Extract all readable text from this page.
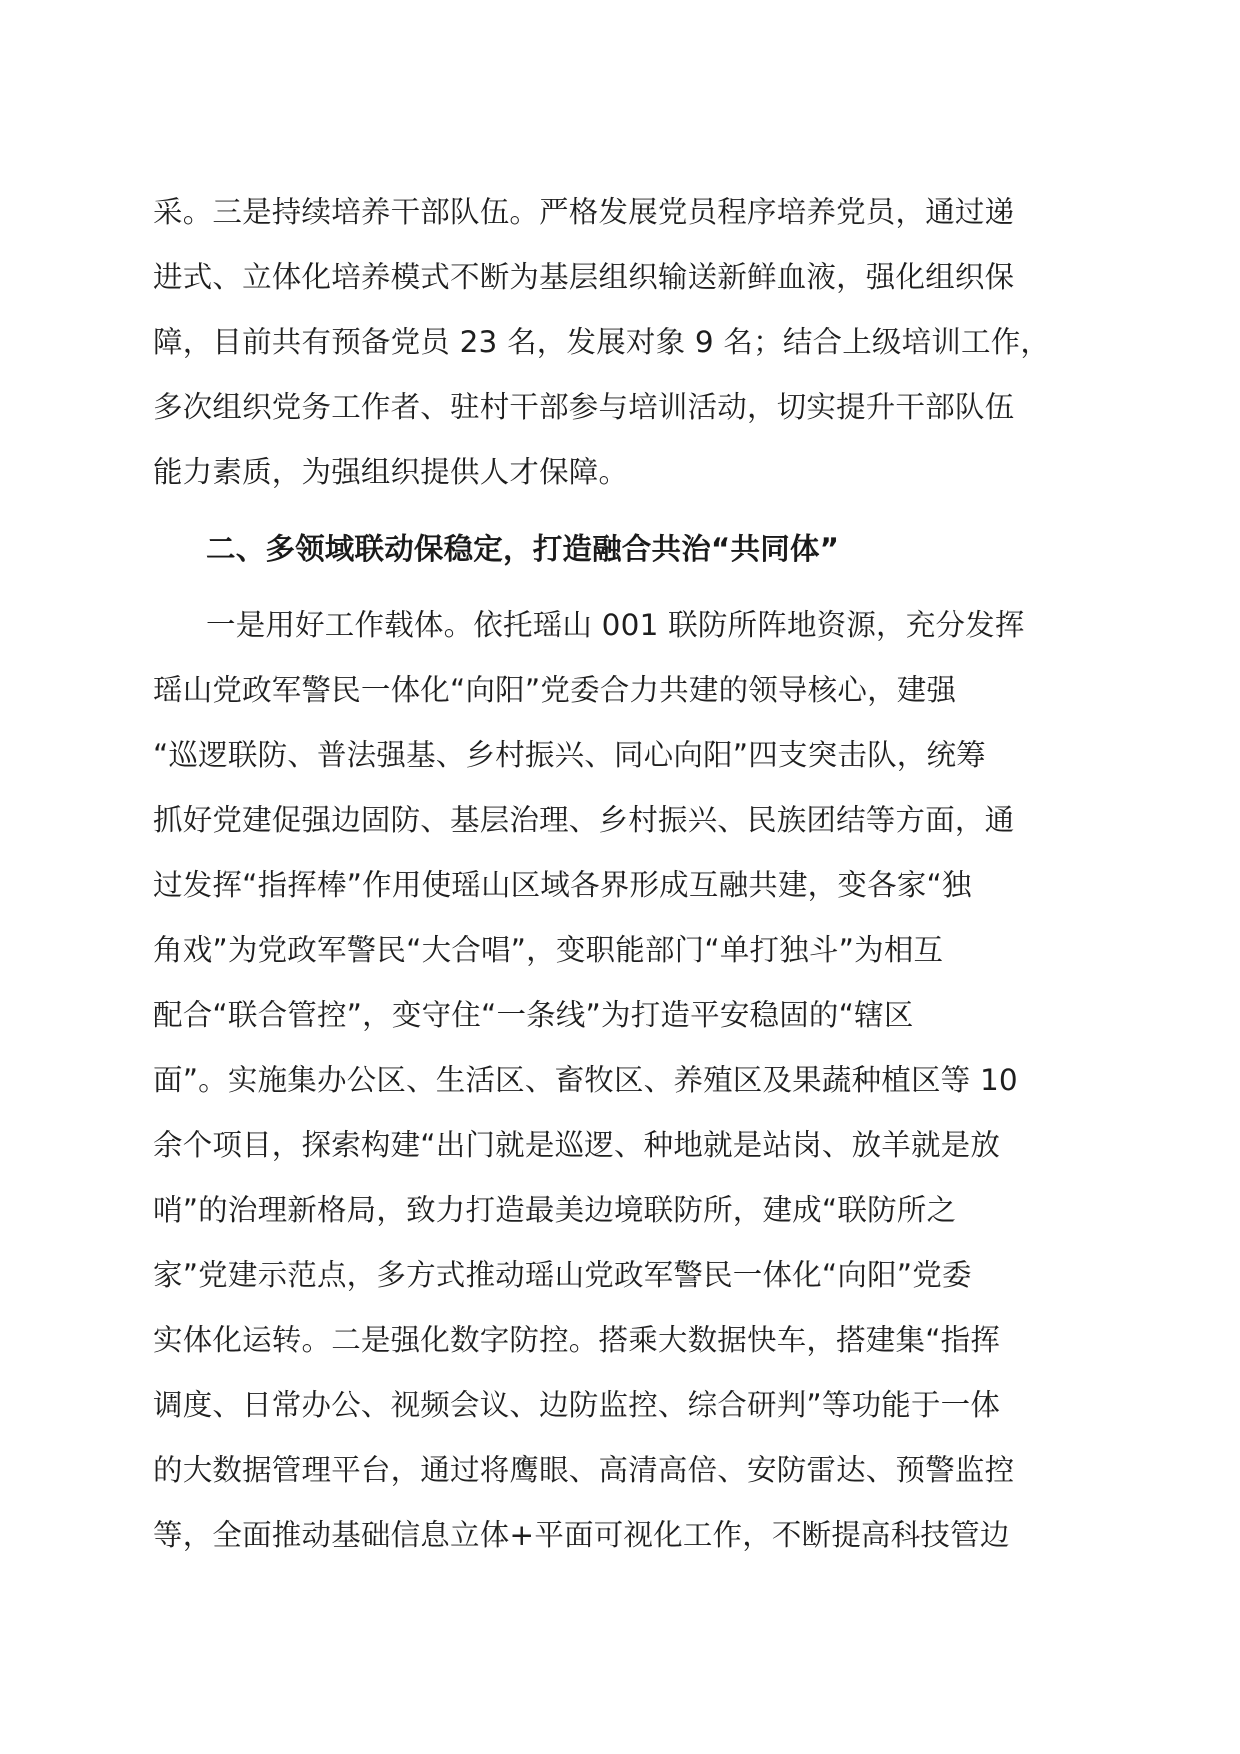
采。三是持续培养干部队伍。严格发展党员程序培养党员，通过递
进式、立体化培养模式不断为基层组织输送新鲜血液，强化组织保
障，目前共有预备党员 23 名，发展对象 9 名；结合上级培训工作，
多次组织党务工作者、驻村干部参与培训活动，切实提升干部队伍
能力素质，为强组织提供人才保障。
二、多领域联动保稳定，打造融合共治“共同体”
一是用好工作载体。依托瑶山 001 联防所阵地资源，充分发挥
瑶山党政军警民一体化“向阳”党委合力共建的领导核心，建强
“巡逻联防、普法强基、乡村振兴、同心向阳”四支突击队，统筹
抓好党建促强边固防、基层治理、乡村振兴、民族团结等方面，通
过发挥“指挥棒”作用使瑶山区域各界形成互融共建，变各家“独
角戏”为党政军警民“大合唱”，变职能部门“单打独斗”为相互
配合“联合管控”，变守住“一条线”为打造平安稳固的“辖区
面”。实施集办公区、生活区、畜牧区、养殖区及果蔬种植区等 10
余个项目，探索构建“出门就是巡逻、种地就是站岗、放羊就是放
哨”的治理新格局，致力打造最美边境联防所，建成“联防所之
家”党建示范点，多方式推动瑶山党政军警民一体化“向阳”党委
实体化运转。二是强化数字防控。搭乘大数据快车，搭建集“指挥
调度、日常办公、视频会议、边防监控、综合研判”等功能于一体
的大数据管理平台，通过将鹰眼、高清高倍、安防雷达、预警监控
等，全面推动基础信息立体+平面可视化工作，不断提高科技管边
